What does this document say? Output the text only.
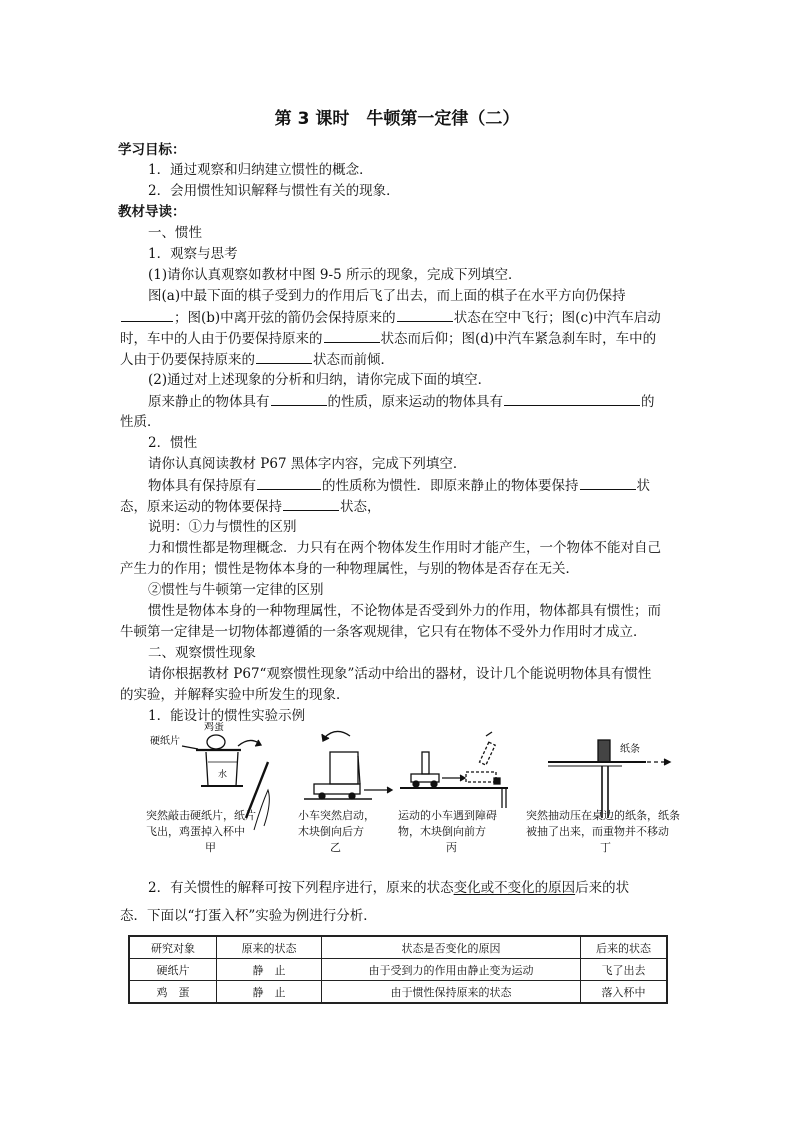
第 3 课时　牛顿第一定律（二）
学习目标：
1．通过观察和归纳建立惯性的概念．
2．会用惯性知识解释与惯性有关的现象．
教材导读：
一、惯性
1．观察与思考
(1)请你认真观察如教材中图 9-5 所示的现象，完成下列填空．
图(a)中最下面的棋子受到力的作用后飞了出去，而上面的棋子在水平方向仍保持
；图(b)中离开弦的箭仍会保持原来的	状态在空中飞行；图(c)中汽车启动
时，车中的人由于仍要保持原来的	状态而后仰；图(d)中汽车紧急刹车时，车中的
人由于仍要保持原来的	状态而前倾．
(2)通过对上述现象的分析和归纳，请你完成下面的填空．
原来静止的物体具有	的性质，原来运动的物体具有	的
性质．
2．惯性
请你认真阅读教材 P67 黑体字内容，完成下列填空．
物体具有保持原有	的性质称为惯性．即原来静止的物体要保持	状
态，原来运动的物体要保持	状态，
说明：①力与惯性的区别
力和惯性都是物理概念．力只有在两个物体发生作用时才能产生，一个物体不能对自己
产生力的作用；惯性是物体本身的一种物理属性，与别的物体是否存在无关．
②惯性与牛顿第一定律的区别
惯性是物体本身的一种物理属性，不论物体是否受到外力的作用，物体都具有惯性；而
牛顿第一定律是一切物体都遵循的一条客观规律，它只有在物体不受外力作用时才成立．
二、观察惯性现象
请你根据教材 P67“观察惯性现象”活动中给出的器材，设计几个能说明物体具有惯性
的实验，并解释实验中所发生的现象．
1．能设计的惯性实验示例
鸡蛋
硬纸片
水
纸条
突然敲击硬纸片，纸片
飞出，鸡蛋掉入杯中
甲
小车突然启动，
木块倒向后方
乙
运动的小车遇到障碍
物，木块倒向前方
丙
突然抽动压在桌边的纸条，纸条
被抽了出来，而重物并不移动
丁
2．有关惯性的解释可按下列程序进行，原来的状态变化或不变化的原因后来的状
态．下面以“打蛋入杯”实验为例进行分析．
研究对象	原来的状态	状态是否变化的原因	后来的状态
硬纸片	静　止	由于受到力的作用由静止变为运动	飞了出去
鸡　蛋	静　止	由于惯性保持原来的状态	落入杯中
